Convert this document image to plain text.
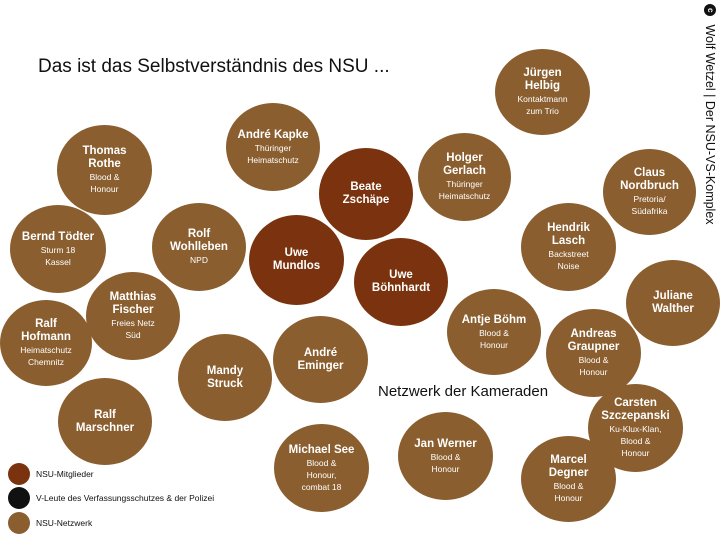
Das ist das Selbstverständnis des NSU ...
Netzwerk der Kameraden
c Wolf Wetzel | Der NSU-VS-Komplex
Jürgen
Helbig
Kontaktmann
zum Trio
André Kapke
Thüringer
Heimatschutz
Thomas
Rothe
Blood &
Honour	Beate
Zschäpe
Holger
Gerlach
Thüringer
Heimatschutz
Claus
Nordbruch
Pretoria/
Südafrika
Bernd Tödter
Sturm 18
Kassel
Rolf
Wohlleben
NPD
Uwe
Mundlos
Hendrik
Lasch
Backstreet
Noise
Uwe
Böhnhardt
Matthias
Fischer
Freies Netz
Süd
Juliane
Walther
Ralf
Hofmann
Heimatschutz
Chemnitz
Antje Böhm
Blood &
Honour
Andreas
Graupner
Blood &
Honour
André
Eminger
Mandy
Struck
Ralf
Marschner
Carsten
Szczepanski
Ku-Klux-Klan,
Blood &
Honour
Michael See
Blood &
Honour,
combat 18
Jan Werner
Blood &
Honour
Marcel
Degner
Blood &
Honour
NSU-Mitglieder
V-Leute des Verfassungsschutzes & der Polizei
NSU-Netzwerk
